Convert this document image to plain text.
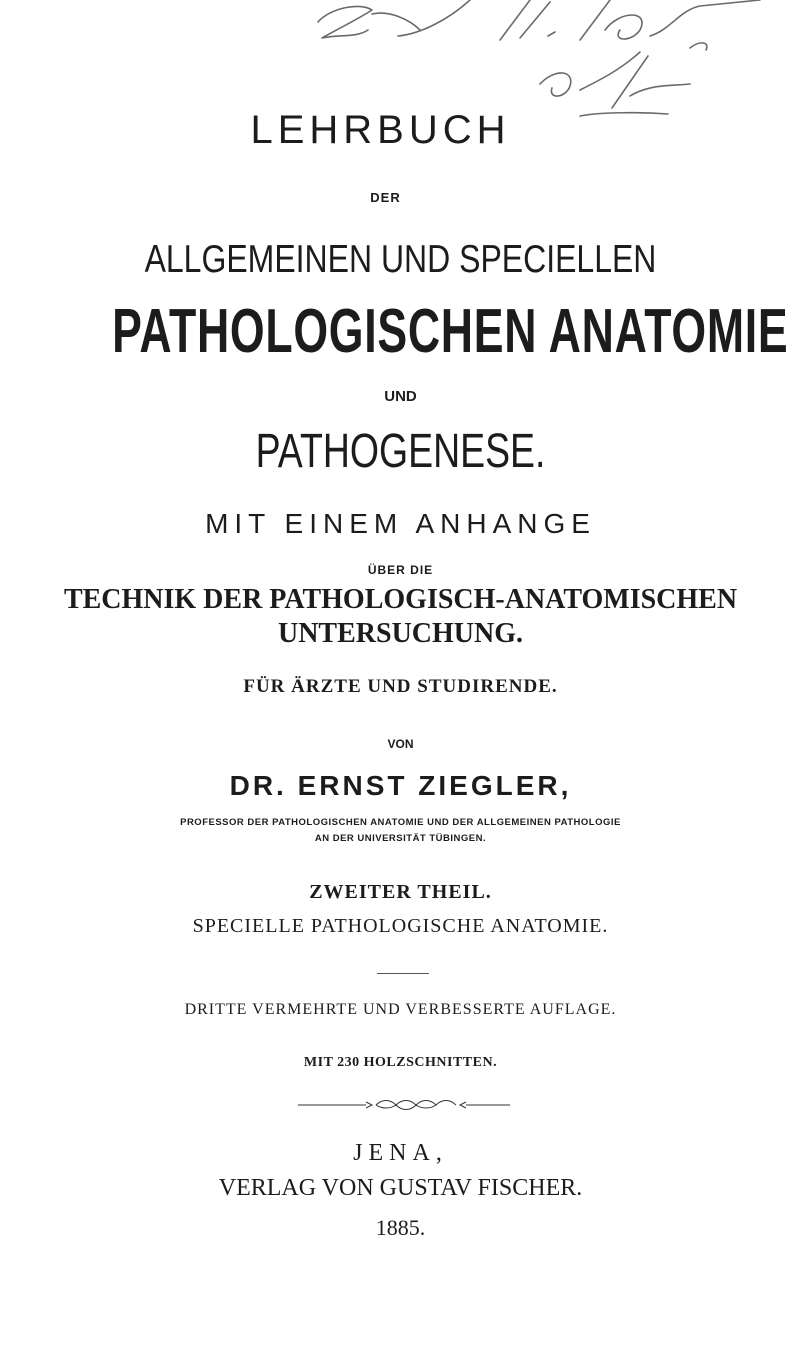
LEHRBUCH
DER
ALLGEMEINEN UND SPECIELLEN
PATHOLOGISCHEN ANATOMIE
UND
PATHOGENESE.
MIT EINEM ANHANGE
ÜBER DIE
TECHNIK DER PATHOLOGISCH-ANATOMISCHEN
UNTERSUCHUNG.
FÜR ÄRZTE UND STUDIRENDE.
VON
DR. ERNST ZIEGLER,
PROFESSOR DER PATHOLOGISCHEN ANATOMIE UND DER ALLGEMEINEN PATHOLOGIE
AN DER UNIVERSITÄT TÜBINGEN.
ZWEITER THEIL.
SPECIELLE PATHOLOGISCHE ANATOMIE.
DRITTE VERMEHRTE UND VERBESSERTE AUFLAGE.
MIT 230 HOLZSCHNITTEN.
JENA,
VERLAG VON GUSTAV FISCHER.
1885.
